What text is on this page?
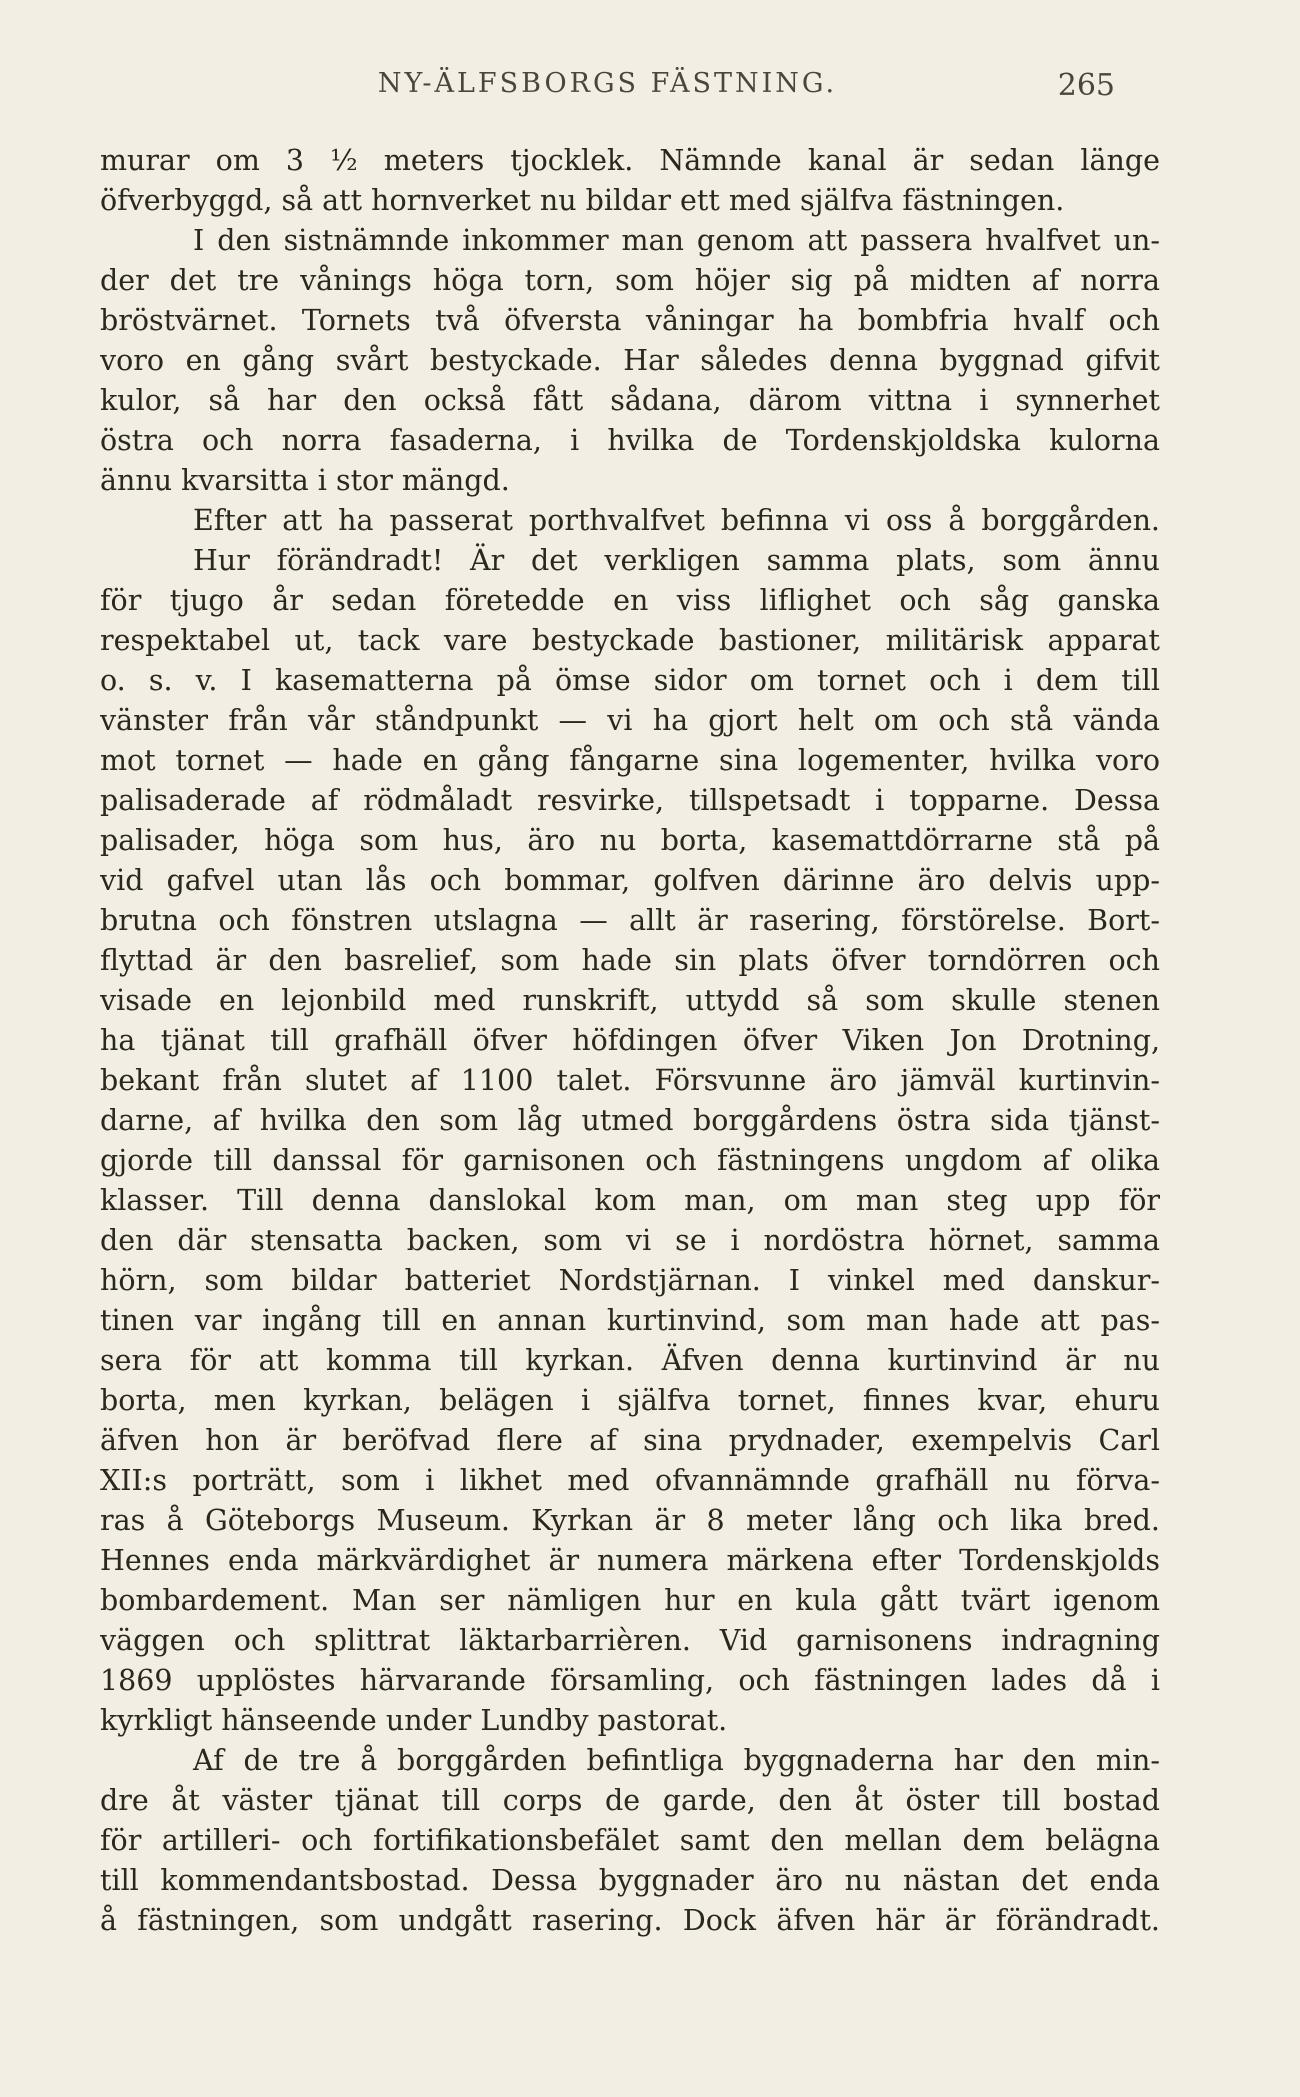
NY-ÄLFSBORGS FÄSTNING.	265
murar om 3 ½ meters tjocklek. Nämnde kanal är sedan länge
öfverbyggd, så att hornverket nu bildar ett med själfva fästningen.
I den sistnämnde inkommer man genom att passera hvalfvet un-
der det tre vånings höga torn, som höjer sig på midten af norra
bröstvärnet. Tornets två öfversta våningar ha bombfria hvalf och
voro en gång svårt bestyckade. Har således denna byggnad gifvit
kulor, så har den också fått sådana, därom vittna i synnerhet
östra och norra fasaderna, i hvilka de Tordenskjoldska kulorna
ännu kvarsitta i stor mängd.
Efter att ha passerat porthvalfvet befinna vi oss å borggården.
Hur förändradt! Är det verkligen samma plats, som ännu
för tjugo år sedan företedde en viss liflighet och såg ganska
respektabel ut, tack vare bestyckade bastioner, militärisk apparat
o. s. v. I kasematterna på ömse sidor om tornet och i dem till
vänster från vår ståndpunkt — vi ha gjort helt om och stå vända
mot tornet — hade en gång fångarne sina logementer, hvilka voro
palisaderade af rödmåladt resvirke, tillspetsadt i topparne. Dessa
palisader, höga som hus, äro nu borta, kasemattdörrarne stå på
vid gafvel utan lås och bommar, golfven därinne äro delvis upp-
brutna och fönstren utslagna — allt är rasering, förstörelse. Bort-
flyttad är den basrelief, som hade sin plats öfver torndörren och
visade en lejonbild med runskrift, uttydd så som skulle stenen
ha tjänat till grafhäll öfver höfdingen öfver Viken Jon Drotning,
bekant från slutet af 1100 talet. Försvunne äro jämväl kurtinvin-
darne, af hvilka den som låg utmed borggårdens östra sida tjänst-
gjorde till danssal för garnisonen och fästningens ungdom af olika
klasser. Till denna danslokal kom man, om man steg upp för
den där stensatta backen, som vi se i nordöstra hörnet, samma
hörn, som bildar batteriet Nordstjärnan. I vinkel med danskur-
tinen var ingång till en annan kurtinvind, som man hade att pas-
sera för att komma till kyrkan. Äfven denna kurtinvind är nu
borta, men kyrkan, belägen i själfva tornet, finnes kvar, ehuru
äfven hon är beröfvad flere af sina prydnader, exempelvis Carl
XII:s porträtt, som i likhet med ofvannämnde grafhäll nu förva-
ras å Göteborgs Museum. Kyrkan är 8 meter lång och lika bred.
Hennes enda märkvärdighet är numera märkena efter Tordenskjolds
bombardement. Man ser nämligen hur en kula gått tvärt igenom
väggen och splittrat läktarbarrièren. Vid garnisonens indragning
1869 upplöstes härvarande församling, och fästningen lades då i
kyrkligt hänseende under Lundby pastorat.
Af de tre å borggården befintliga byggnaderna har den min-
dre åt väster tjänat till corps de garde, den åt öster till bostad
för artilleri- och fortifikationsbefälet samt den mellan dem belägna
till kommendantsbostad. Dessa byggnader äro nu nästan det enda
å fästningen, som undgått rasering. Dock äfven här är förändradt.
